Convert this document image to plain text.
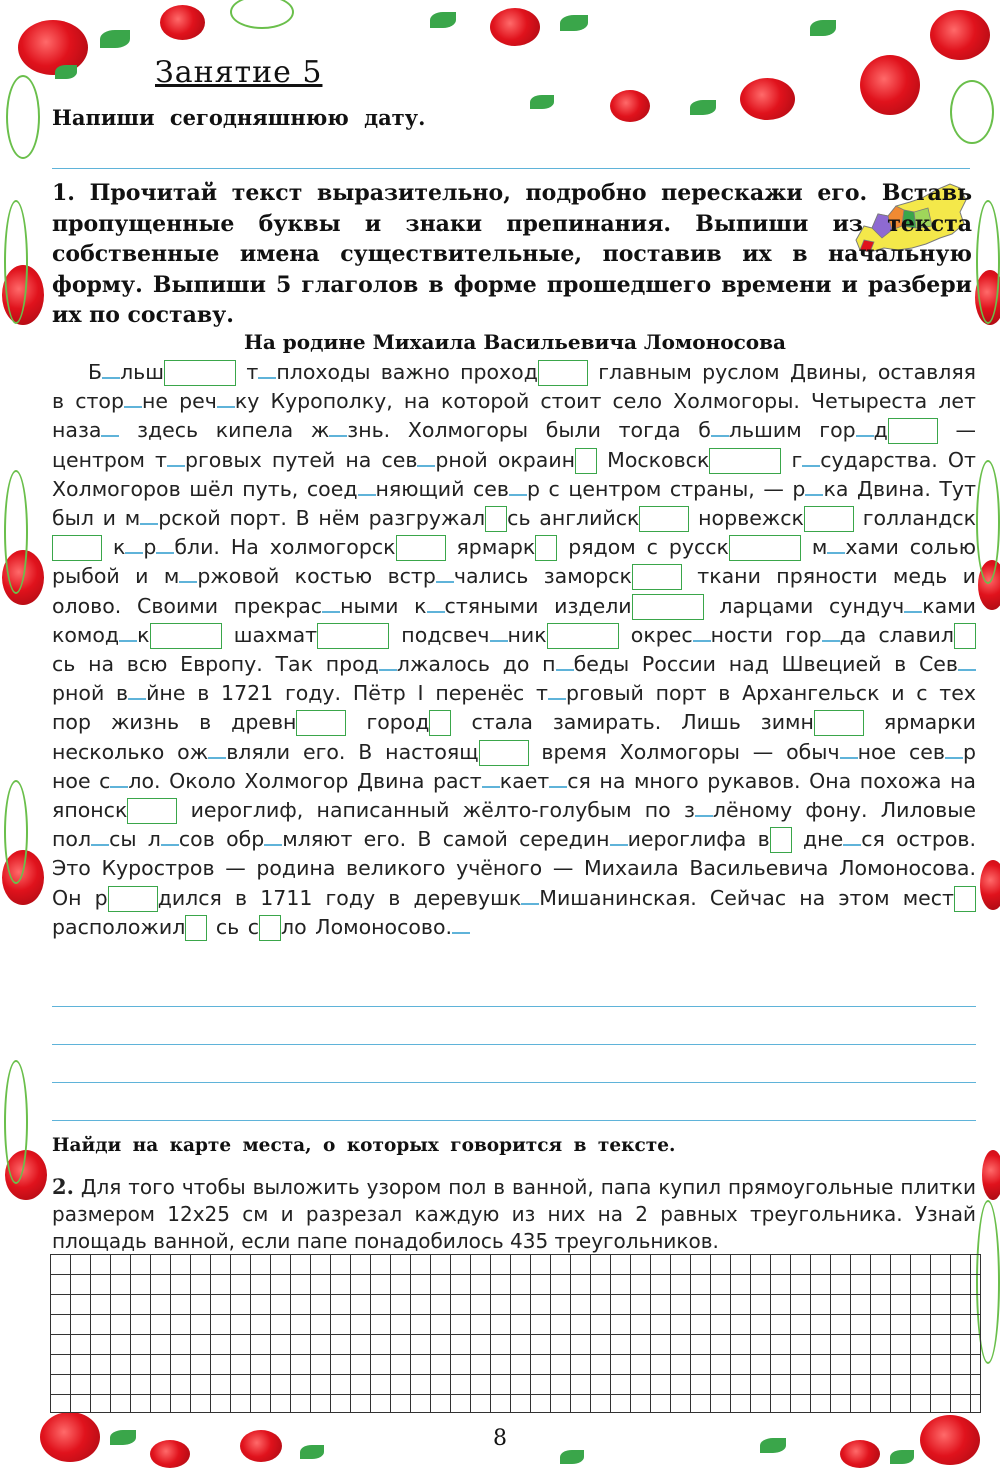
Занятие 5
Напиши сегодняшнюю дату.
1. Прочитай текст выразительно, подробно перескажи его. Вставь пропущенные буквы и знаки препинания. Выпиши из текста собственные имена существительные, поставив их в начальную форму. Выпиши 5 глаголов в форме прошедшего времени и разбери их по составу.
На родине Михаила Васильевича Ломоносова
Б льш	т плоходы важно проход	главным руслом Двины, оставляя в стор не реч ку Курополку, на которой стоит село Холмогоры. Четыреста лет наза здесь кипела ж знь. Холмогоры были тогда б льшим гор д	— центром т рговых путей на сев рной окраин Московск	г сударства. От Холмогоров шёл путь, соед няющий сев р с центром страны, — р ка Двина. Тут был и м рской порт. В нём разгружал сь английск	норвежск	голландск к р бли. На холмогорск	ярмарк рядом с русск	м хами солью рыбой и м ржовой костью встр чались заморск	ткани пряности медь и олово. Своими прекрас ными к стяными издели	ларцами сундуч ками комод к	шахмат	подсвеч ник	окрес ности гор да славилсь на всю Европу. Так прод лжалось до п беды России над Швецией в Севрной в йне в 1721 году. Пётр I перенёс т рговый порт в Архангельск и с тех пор жизнь в древн	город стала замирать. Лишь зимн	ярмарки несколько ож вляли его. В настоящ	время Холмогоры — обыч ное сев р ное с ло. Около Холмогор Двина раст кает ся на много рукавов. Она похожа на японск	иероглиф, написанный жёлто-голубым по з лёному фону. Лиловые пол сы л сов обр мляют его. В самой середин иероглифа в дне ся остров. Это Куростров — родина великого учёного — Михаила Васильевича Ломоносова. Он р дился в 1711 году в деревушк Мишанинская. Сейчас на этом мест расположил сь с ло Ломоносово.
Найди на карте места, о которых говорится в тексте.
2. Для того чтобы выложить узором пол в ванной, папа купил прямоугольные плитки размером 12x25 см и разрезал каждую из них на 2 равных треугольника. Узнай площадь ванной, если папе понадобилось 435 треугольников.
8
